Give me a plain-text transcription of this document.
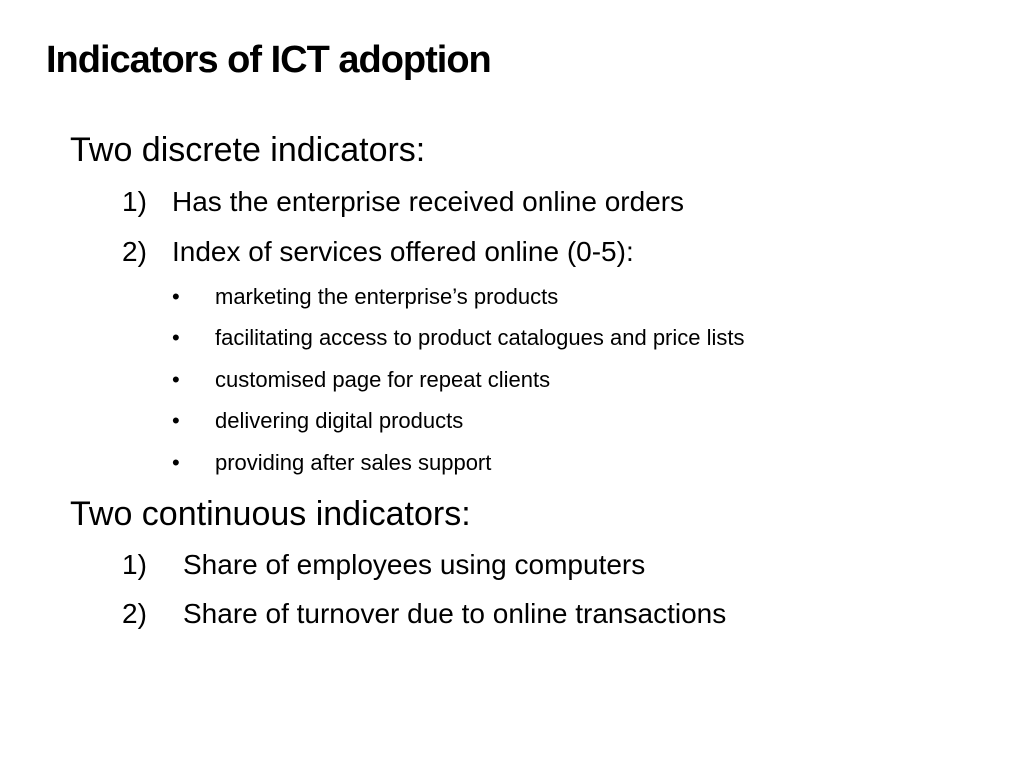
Indicators of ICT adoption
Two discrete indicators:
1) Has the enterprise received online orders
2) Index of services offered online (0-5):
• marketing the enterprise’s products
• facilitating access to product catalogues and price lists
• customised page for repeat clients
• delivering digital products
• providing after sales support
Two continuous indicators:
1) Share of employees using computers
2) Share of turnover due to online transactions
